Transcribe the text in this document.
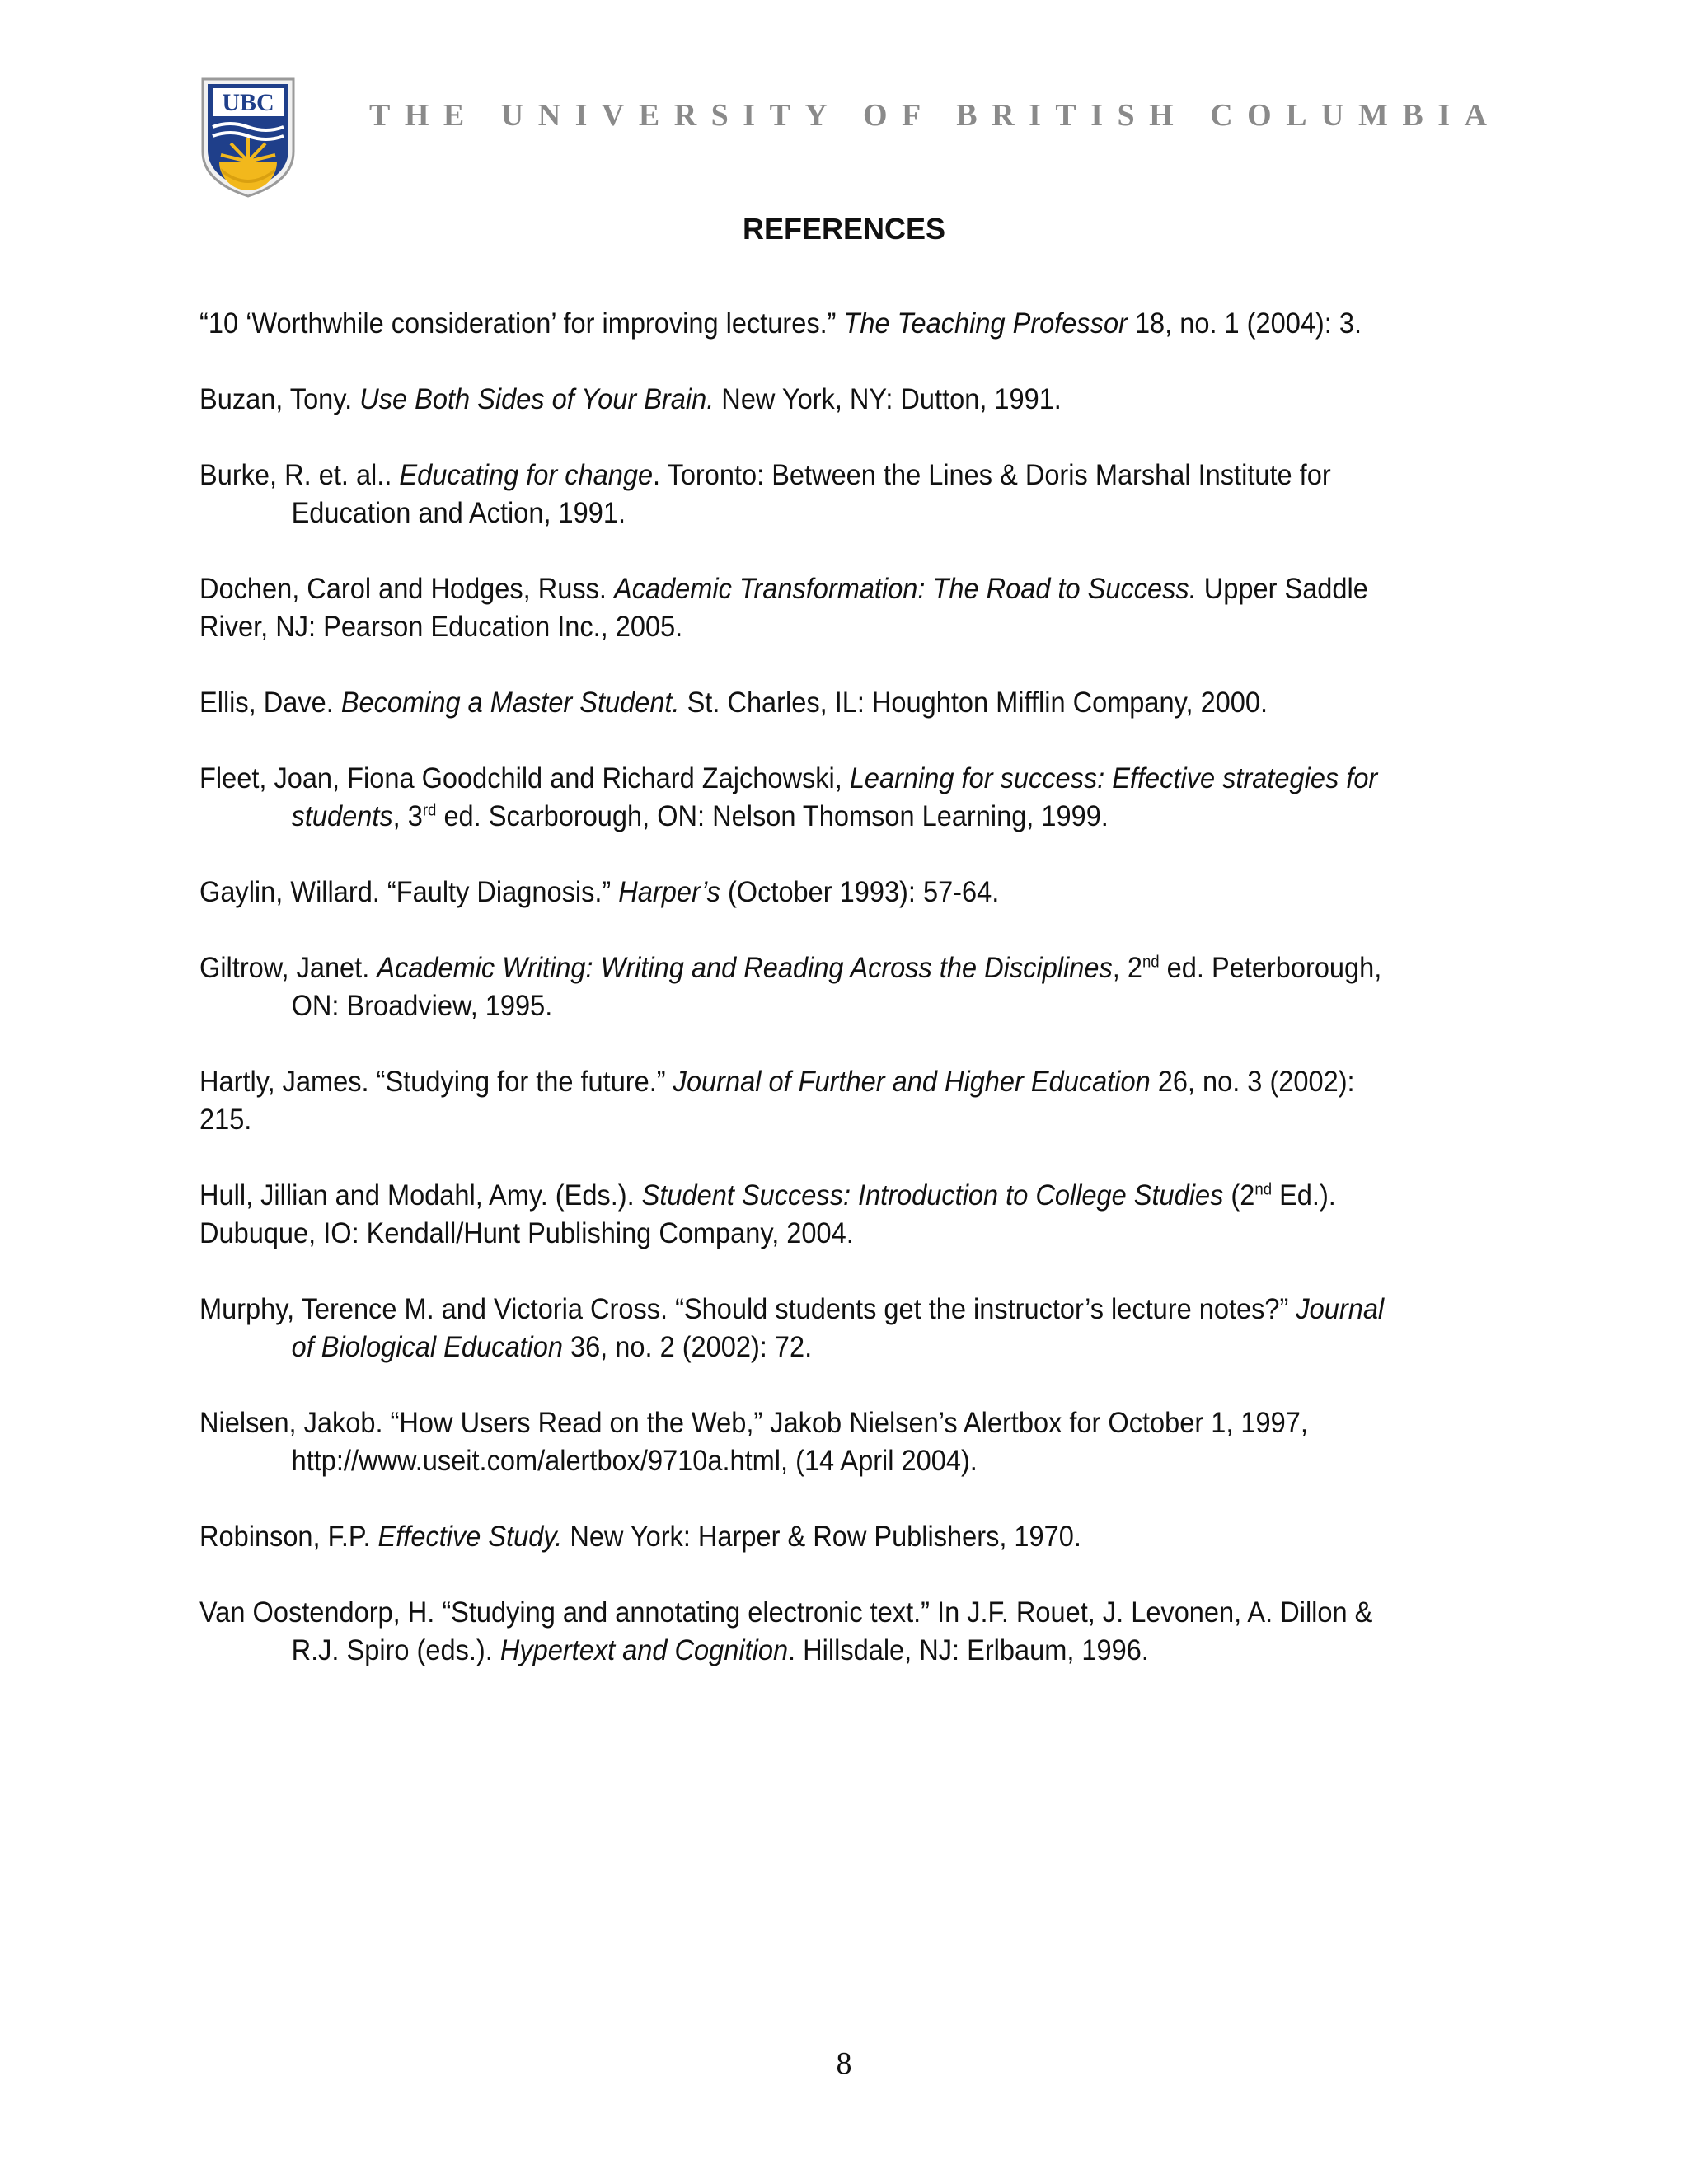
UBC	THE UNIVERSITY OF BRITISH COLUMBIA
REFERENCES

“10 ‘Worthwhile consideration’ for improving lectures.” The Teaching Professor 18, no. 1 (2004): 3.

Buzan, Tony. Use Both Sides of Your Brain. New York, NY: Dutton, 1991.

Burke, R. et. al.. Educating for change. Toronto: Between the Lines & Doris Marshal Institute for Education and Action, 1991.

Dochen, Carol and Hodges, Russ. Academic Transformation: The Road to Success. Upper Saddle River, NJ: Pearson Education Inc., 2005.

Ellis, Dave. Becoming a Master Student. St. Charles, IL: Houghton Mifflin Company, 2000.

Fleet, Joan, Fiona Goodchild and Richard Zajchowski, Learning for success: Effective strategies for students, 3rd ed. Scarborough, ON: Nelson Thomson Learning, 1999.

Gaylin, Willard. “Faulty Diagnosis.” Harper’s (October 1993): 57-64.

Giltrow, Janet. Academic Writing: Writing and Reading Across the Disciplines, 2nd ed. Peterborough, ON: Broadview, 1995.

Hartly, James. “Studying for the future.” Journal of Further and Higher Education 26, no. 3 (2002): 215.

Hull, Jillian and Modahl, Amy. (Eds.). Student Success: Introduction to College Studies (2nd Ed.). Dubuque, IO: Kendall/Hunt Publishing Company, 2004.

Murphy, Terence M. and Victoria Cross. “Should students get the instructor’s lecture notes?” Journal of Biological Education 36, no. 2 (2002): 72.

Nielsen, Jakob. “How Users Read on the Web,” Jakob Nielsen’s Alertbox for October 1, 1997, http://www.useit.com/alertbox/9710a.html, (14 April 2004).

Robinson, F.P. Effective Study. New York: Harper & Row Publishers, 1970.

Van Oostendorp, H. “Studying and annotating electronic text.” In J.F. Rouet, J. Levonen, A. Dillon & R.J. Spiro (eds.). Hypertext and Cognition. Hillsdale, NJ: Erlbaum, 1996.

8
